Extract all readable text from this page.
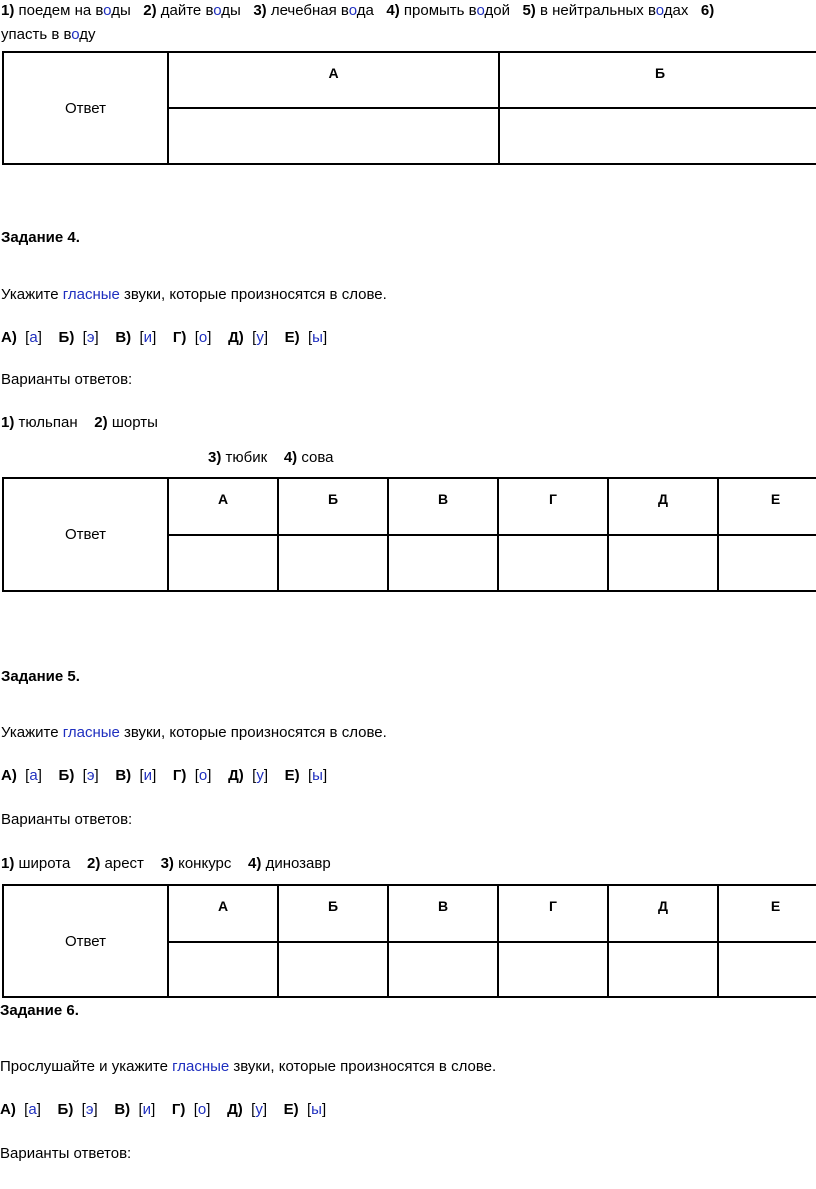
1) поедем на воды 2) дайте воды 3) лечебная вода 4) промыть водой 5) в нейтральных водах 6)
упасть в воду
Ответ	А	Б

Задание 4.
Укажите гласные звуки, которые произносятся в слове.
А)  [а]    Б)  [э]    В)  [и]    Г)  [о]    Д)  [у]    Е)  [ы]
Варианты ответов:
1) тюльпан 2) шорты
3) тюбик 4) сова
Ответ	А	Б	В	Г	Д	Е

Задание 5.
Укажите гласные звуки, которые произносятся в слове.
А)  [а]    Б)  [э]    В)  [и]    Г)  [о]    Д)  [у]    Е)  [ы]
Варианты ответов:
1) широта 2) арест 3) конкурс 4) динозавр
Ответ	А	Б	В	Г	Д	Е

Задание 6.
Прослушайте и укажите гласные звуки, которые произносятся в слове.
А)  [а]    Б)  [э]    В)  [и]    Г)  [о]    Д)  [у]    Е)  [ы]
Варианты ответов:
